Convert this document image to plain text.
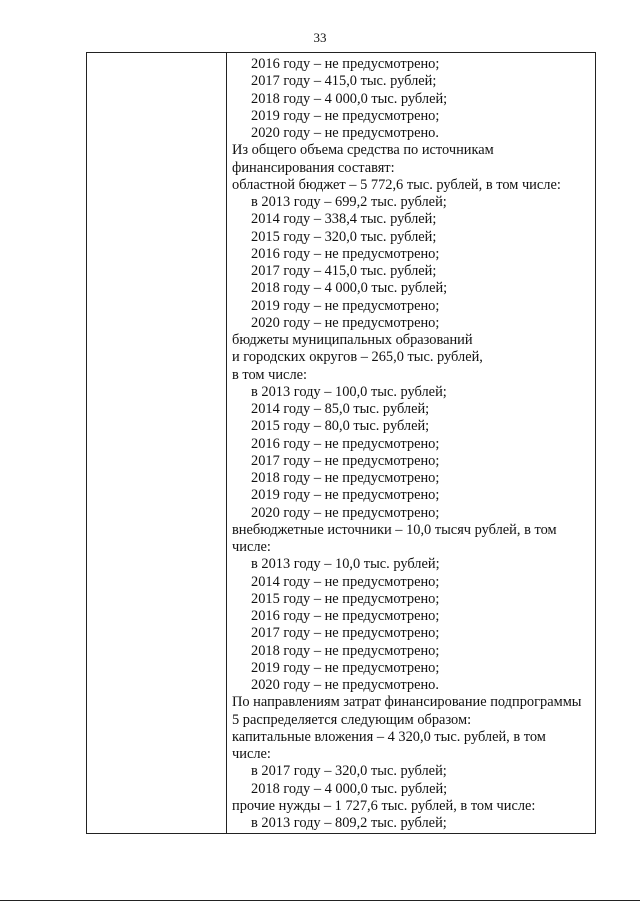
33
2016 году – не предусмотрено;
2017 году – 415,0 тыс. рублей;
2018 году – 4 000,0 тыс. рублей;
2019 году – не предусмотрено;
2020 году – не предусмотрено.
Из общего объема средства по источникам
финансирования составят:
областной бюджет – 5 772,6 тыс. рублей, в том числе:
в 2013 году – 699,2 тыс. рублей;
2014 году – 338,4 тыс. рублей;
2015 году – 320,0 тыс. рублей;
2016 году – не предусмотрено;
2017 году – 415,0 тыс. рублей;
2018 году – 4 000,0 тыс. рублей;
2019 году – не предусмотрено;
2020 году – не предусмотрено;
бюджеты муниципальных образований
и городских округов – 265,0 тыс. рублей,
в том числе:
в 2013 году – 100,0 тыс. рублей;
2014 году – 85,0 тыс. рублей;
2015 году – 80,0 тыс. рублей;
2016 году – не предусмотрено;
2017 году – не предусмотрено;
2018 году – не предусмотрено;
2019 году – не предусмотрено;
2020 году – не предусмотрено;
внебюджетные источники – 10,0 тысяч рублей, в том
числе:
в 2013 году – 10,0 тыс. рублей;
2014 году – не предусмотрено;
2015 году – не предусмотрено;
2016 году – не предусмотрено;
2017 году – не предусмотрено;
2018 году – не предусмотрено;
2019 году – не предусмотрено;
2020 году – не предусмотрено.
По направлениям затрат финансирование подпрограммы
5 распределяется следующим образом:
капитальные вложения – 4 320,0 тыс. рублей, в том
числе:
в 2017 году – 320,0 тыс. рублей;
2018 году – 4 000,0 тыс. рублей;
прочие нужды – 1 727,6 тыс. рублей, в том числе:
в 2013 году – 809,2 тыс. рублей;
